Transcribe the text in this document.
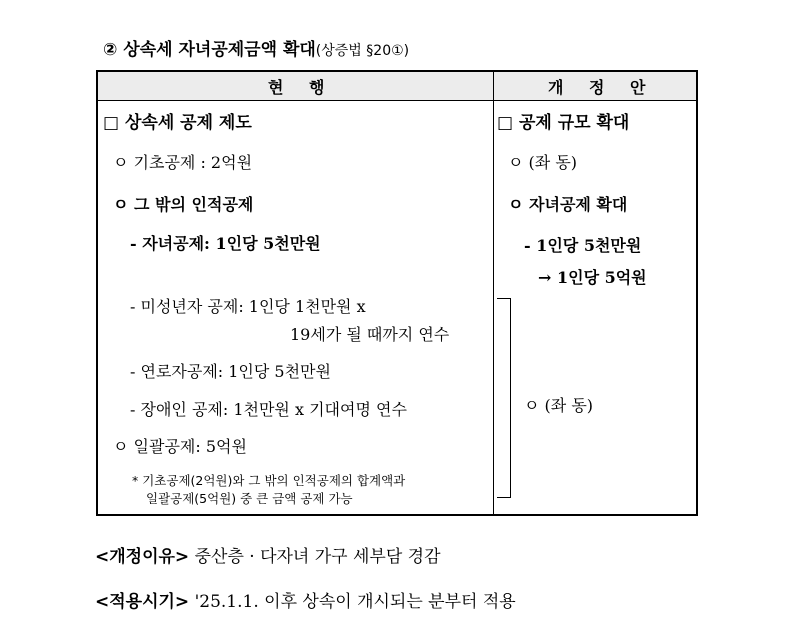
② 상속세 자녀공제금액 확대(상증법 §20①)
현 행	개 정 안
□ 상속세 공제 제도
ㅇ 기초공제 : 2억원
ㅇ 그 밖의 인적공제
- 자녀공제: 1인당 5천만원
- 미성년자 공제: 1인당 1천만원 x
19세가 될 때까지 연수
- 연로자공제: 1인당 5천만원
- 장애인 공제: 1천만원 x 기대여명 연수
ㅇ 일괄공제: 5억원
* 기초공제(2억원)와 그 밖의 인적공제의 합계액과
일괄공제(5억원) 중 큰 금액 공제 가능
□ 공제 규모 확대
ㅇ (좌 동)
ㅇ 자녀공제 확대
- 1인당 5천만원
→ 1인당 5억원
ㅇ (좌 동)
<개정이유> 중산층 · 다자녀 가구 세부담 경감
<적용시기> '25.1.1. 이후 상속이 개시되는 분부터 적용
